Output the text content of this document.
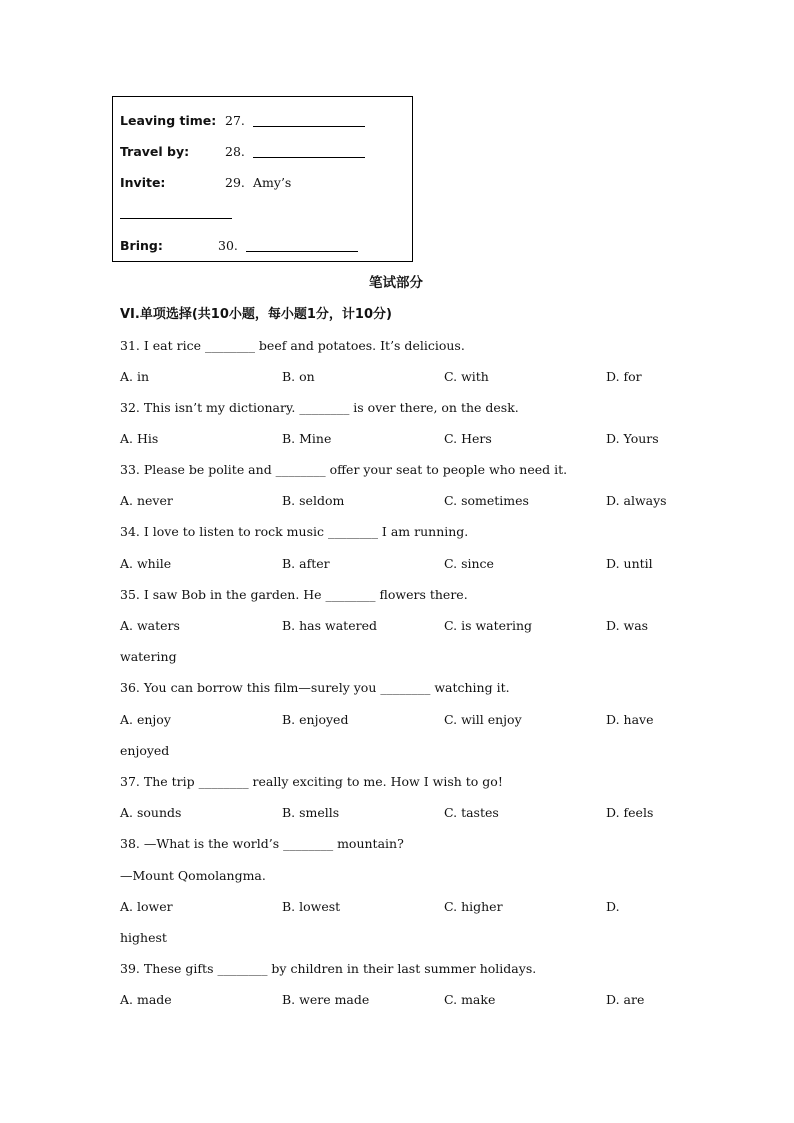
Leaving time: 27.
Travel by:	28.
Invite:	29. Amy’s
Bring:	30.
笔试部分
VI.单项选择(共10小题，每小题1分，计10分)
31. I eat rice ________ beef and potatoes. It’s delicious.
A. in	B. on	C. with	D. for
32. This isn’t my dictionary. ________ is over there, on the desk.
A. His	B. Mine	C. Hers	D. Yours
33. Please be polite and ________ offer your seat to people who need it.
A. never	B. seldom	C. sometimes	D. always
34. I love to listen to rock music ________ I am running.
A. while	B. after	C. since	D. until
35. I saw Bob in the garden. He ________ flowers there.
A. waters	B. has watered	C. is watering	D. was
watering
36. You can borrow this film—surely you ________ watching it.
A. enjoy	B. enjoyed	C. will enjoy	D. have
enjoyed
37. The trip ________ really exciting to me. How I wish to go!
A. sounds	B. smells	C. tastes	D. feels
38. —What is the world’s ________ mountain?
—Mount Qomolangma.
A. lower	B. lowest	C. higher	D.
highest
39. These gifts ________ by children in their last summer holidays.
A. made	B. were made	C. make	D. are
